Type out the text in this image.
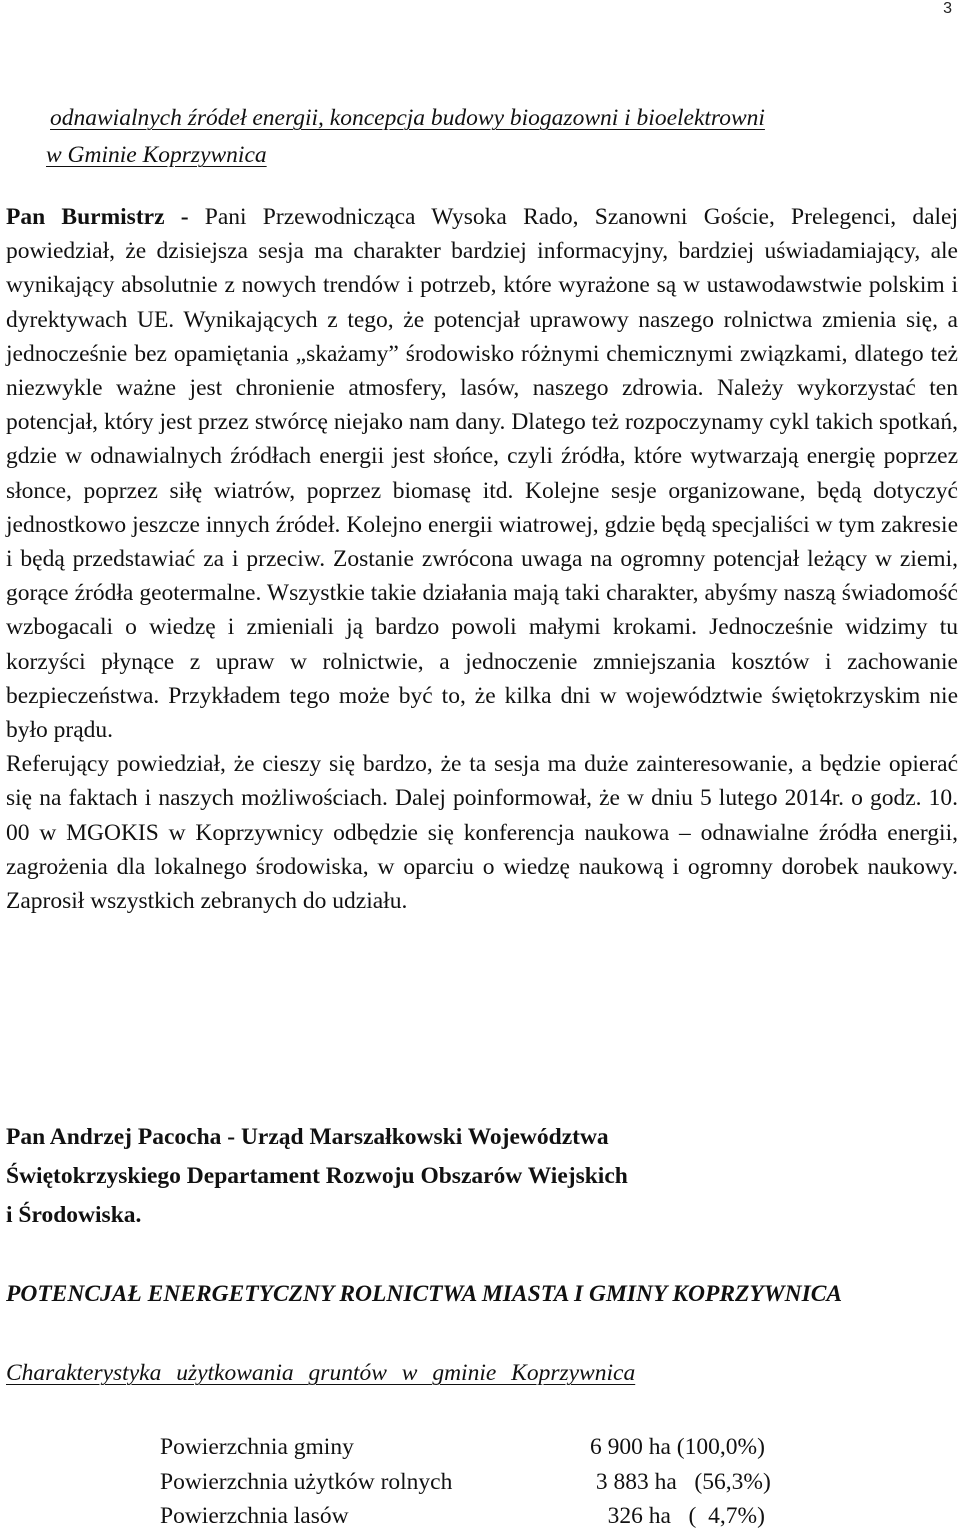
3
odnawialnych źródeł energii, koncepcja budowy biogazowni i bioelektrowni
w Gminie Koprzywnica

Pan Burmistrz - Pani Przewodnicząca Wysoka Rado, Szanowni Goście, Prelegenci, dalej powiedział, że dzisiejsza sesja ma charakter bardziej informacyjny, bardziej uświadamiający, ale wynikający absolutnie z nowych trendów i potrzeb, które wyrażone są w ustawodawstwie polskim i dyrektywach UE. Wynikających z tego, że potencjał uprawowy naszego rolnictwa zmienia się, a jednocześnie bez opamiętania „skażamy” środowisko różnymi chemicznymi związkami, dlatego też niezwykle ważne jest chronienie atmosfery, lasów, naszego zdrowia. Należy wykorzystać ten potencjał, który jest przez stwórcę niejako nam dany. Dlatego też rozpoczynamy cykl takich spotkań, gdzie w odnawialnych źródłach energii jest słońce, czyli źródła, które wytwarzają energię poprzez słonce, poprzez siłę wiatrów, poprzez biomasę itd. Kolejne sesje organizowane, będą dotyczyć jednostkowo jeszcze innych źródeł. Kolejno energii wiatrowej, gdzie będą specjaliści w tym zakresie i będą przedstawiać za i przeciw. Zostanie zwrócona uwaga na ogromny potencjał leżący w ziemi, gorące źródła geotermalne. Wszystkie takie działania mają taki charakter, abyśmy naszą świadomość wzbogacali o wiedzę i zmieniali ją bardzo powoli małymi krokami. Jednocześnie widzimy tu korzyści płynące z upraw w rolnictwie, a jednoczenie zmniejszania kosztów i zachowanie bezpieczeństwa. Przykładem tego może być to, że kilka dni w województwie świętokrzyskim nie było prądu.

Referujący powiedział, że cieszy się bardzo, że ta sesja ma duże zainteresowanie, a będzie opierać się na faktach i naszych możliwościach. Dalej poinformował, że w dniu 5 lutego 2014r. o godz. 10. 00 w MGOKIS w Koprzywnicy odbędzie się konferencja naukowa – odnawialne źródła energii, zagrożenia dla lokalnego środowiska, w oparciu o wiedzę naukową i ogromny dorobek naukowy. Zaprosił wszystkich zebranych do udziału.

Pan Andrzej Pacocha - Urząd Marszałkowski Województwa
Świętokrzyskiego Departament Rozwoju Obszarów Wiejskich
i Środowiska.
POTENCJAŁ ENERGETYCZNY ROLNICTWA MIASTA I GMINY KOPRZYWNICA
Charakterystyka użytkowania gruntów w gminie Koprzywnica
Powierzchnia gminy	6 900 ha (100,0%)
Powierzchnia użytków rolnych	3 883 ha   (56,3%)
Powierzchnia lasów	326 ha   (  4,7%)
